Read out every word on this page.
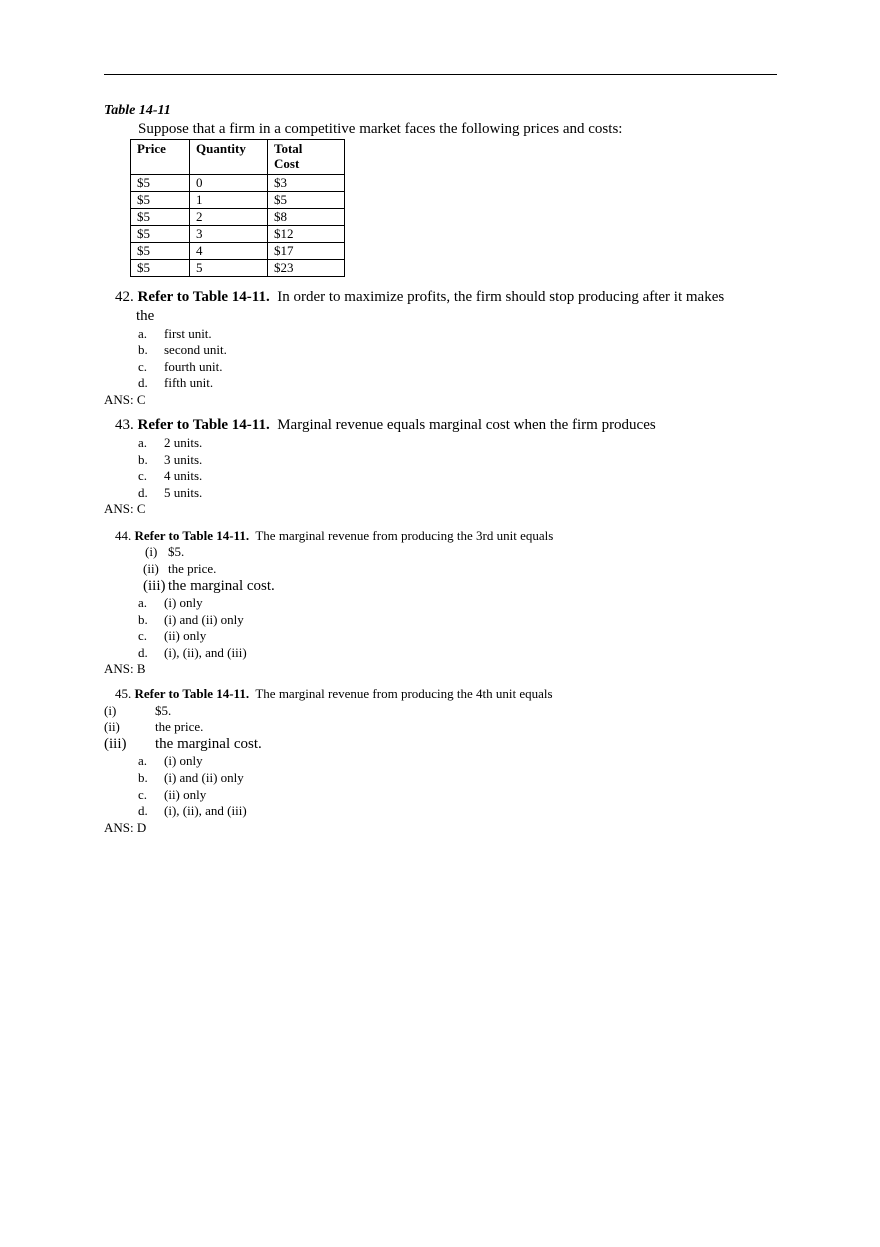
Table 14-11
Suppose that a firm in a competitive market faces the following prices and costs:
Price	Quantity	Total
Cost
$5	0	$3
$5	1	$5
$5	2	$8
$5	3	$12
$5	4	$17
$5	5	$23
42. Refer to Table 14-11. In order to maximize profits, the firm should stop producing after it makes
the
a. first unit.
b. second unit.
c. fourth unit.
d. fifth unit.
ANS: C
43. Refer to Table 14-11. Marginal revenue equals marginal cost when the firm produces
a. 2 units.
b. 3 units.
c. 4 units.
d. 5 units.
ANS: C
44. Refer to Table 14-11. The marginal revenue from producing the 3rd unit equals
(i) $5.
(ii) the price.
(iii) the marginal cost.
a. (i) only
b. (i) and (ii) only
c. (ii) only
d. (i), (ii), and (iii)
ANS: B
45. Refer to Table 14-11. The marginal revenue from producing the 4th unit equals
(i)	$5.
(ii)	the price.
(iii) the marginal cost.
a. (i) only
b. (i) and (ii) only
c. (ii) only
d. (i), (ii), and (iii)
ANS: D
